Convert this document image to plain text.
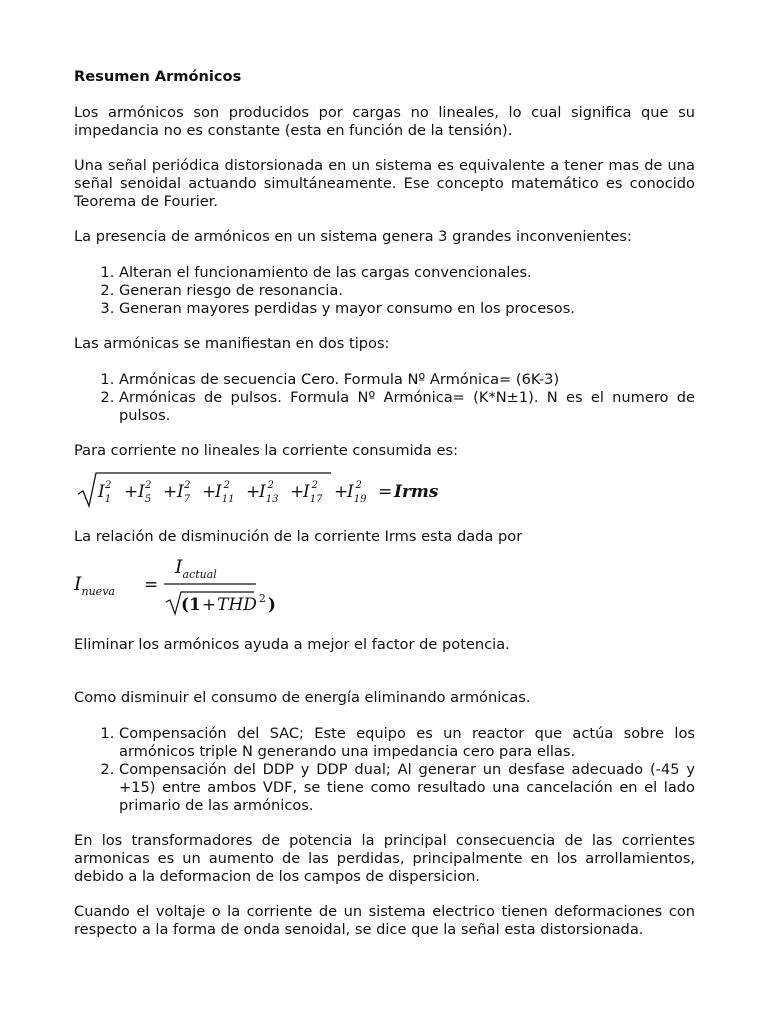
Resumen Armónicos

Los armónicos son producidos por cargas no lineales, lo cual significa que su impedancia no es constante (esta en función de la tensión).

Una señal periódica distorsionada en un sistema es equivalente a tener mas de una señal senoidal actuando simultáneamente. Ese concepto matemático es conocido Teorema de Fourier.

La presencia de armónicos en un sistema genera 3 grandes inconvenientes:

1. Alteran el funcionamiento de las cargas convencionales.
2. Generan riesgo de resonancia.
3. Generan mayores perdidas y mayor consumo en los procesos.

Las armónicas se manifiestan en dos tipos:

1. Armónicas de secuencia Cero. Formula Nº Armónica= (6K-3)
2. Armónicas de pulsos. Formula Nº Armónica= (K*N±1). N es el numero de pulsos.

Para corriente no lineales la corriente consumida es:

$I_12 + I_52 + I_72$ +
$I_{11}2$ +
$I_{13}2$ +
$I_{17}2$ +
$I_{19}2$ = Irms

La relación de disminución de la corriente Irms esta dada por

$I_{nueva}$ =
$I_{actual}$
(1+THD $^2$ )

Eliminar los armónicos ayuda a mejor el factor de potencia.

Como disminuir el consumo de energía eliminando armónicas.

1. Compensación del SAC; Este equipo es un reactor que actúa sobre los armónicos triple N generando una impedancia cero para ellas.
2. Compensación del DDP y DDP dual; Al generar un desfase adecuado (-45 y +15) entre ambos VDF, se tiene como resultado una cancelación en el lado primario de las armónicos.

En los transformadores de potencia la principal consecuencia de las corrientes armonicas es un aumento de las perdidas, principalmente en los arrollamientos, debido a la deformacion de los campos de dispersicion.

Cuando el voltaje o la corriente de un sistema electrico tienen deformaciones con respecto a la forma de onda senoidal, se dice que la señal esta distorsionada.
